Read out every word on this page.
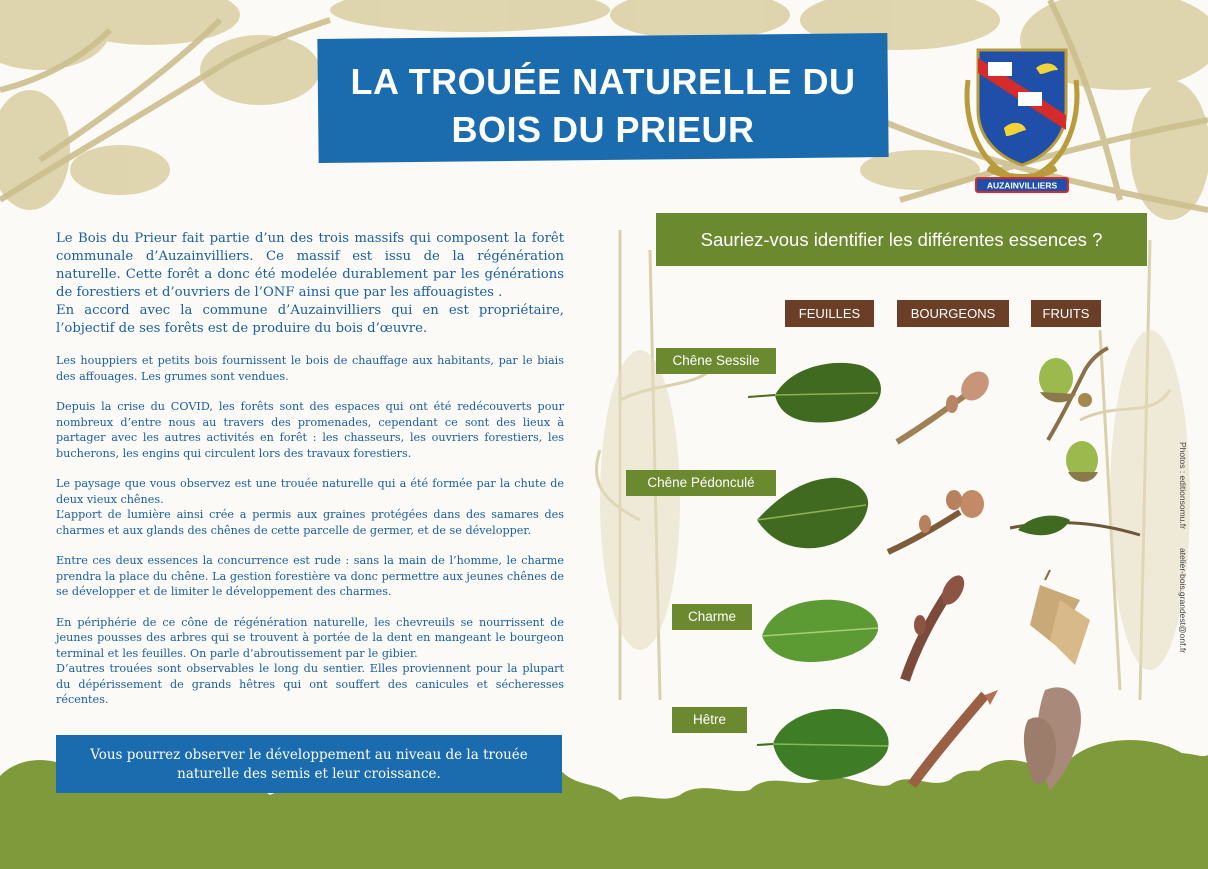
LA TROUÉE NATURELLE DU
BOIS DU PRIEUR
AUZAINVILLIERS

Le Bois du Prieur fait partie d’un des trois massifs qui composent la forêt communale d’Auzainvilliers. Ce massif est issu de la régénération naturelle. Cette forêt a donc été modelée durablement par les générations de forestiers et d’ouvriers de l’ONF ainsi que par les affouagistes .

En accord avec la commune d’Auzainvilliers qui en est propriétaire, l’objectif de ses forêts est de produire du bois d’œuvre.

Les houppiers et petits bois fournissent le bois de chauffage aux habitants, par le biais des affouages. Les grumes sont vendues.

Depuis la crise du COVID, les forêts sont des espaces qui ont été redécouverts pour nombreux d’entre nous au travers des promenades, cependant ce sont des lieux à partager avec les autres activités en forêt : les chasseurs, les ouvriers forestiers, les bucherons, les engins qui circulent lors des travaux forestiers.

Le paysage que vous observez est une trouée naturelle qui a été formée par la chute de deux vieux chênes.
L’apport de lumière ainsi crée a permis aux graines protégées dans des samares des charmes et aux glands des chênes de cette parcelle de germer, et de se développer.

Entre ces deux essences la concurrence est rude : sans la main de l’homme, le charme prendra la place du chêne. La gestion forestière va donc permettre aux jeunes chênes de se développer et de limiter le développement des charmes.

En périphérie de ce cône de régénération naturelle, les chevreuils se nourrissent de jeunes pousses des arbres qui se trouvent à portée de la dent en mangeant le bourgeon terminal et les feuilles. On parle d’abroutissement par le gibier.
D’autres trouées sont observables le long du sentier. Elles proviennent pour la plupart du dépérissement de grands hêtres qui ont souffert des canicules et sécheresses récentes.

Vous pourrez observer le développement au niveau de la trouée naturelle des semis et leur croissance.
Sauriez-vous identifier les différentes essences ?
FEUILLES	BOURGEONS	FRUITS
Chêne Sessile
Chêne Pédonculé
Charme
Hêtre
Photos : editionsomu.fr
atelier-bois.grandest@onf.fr
